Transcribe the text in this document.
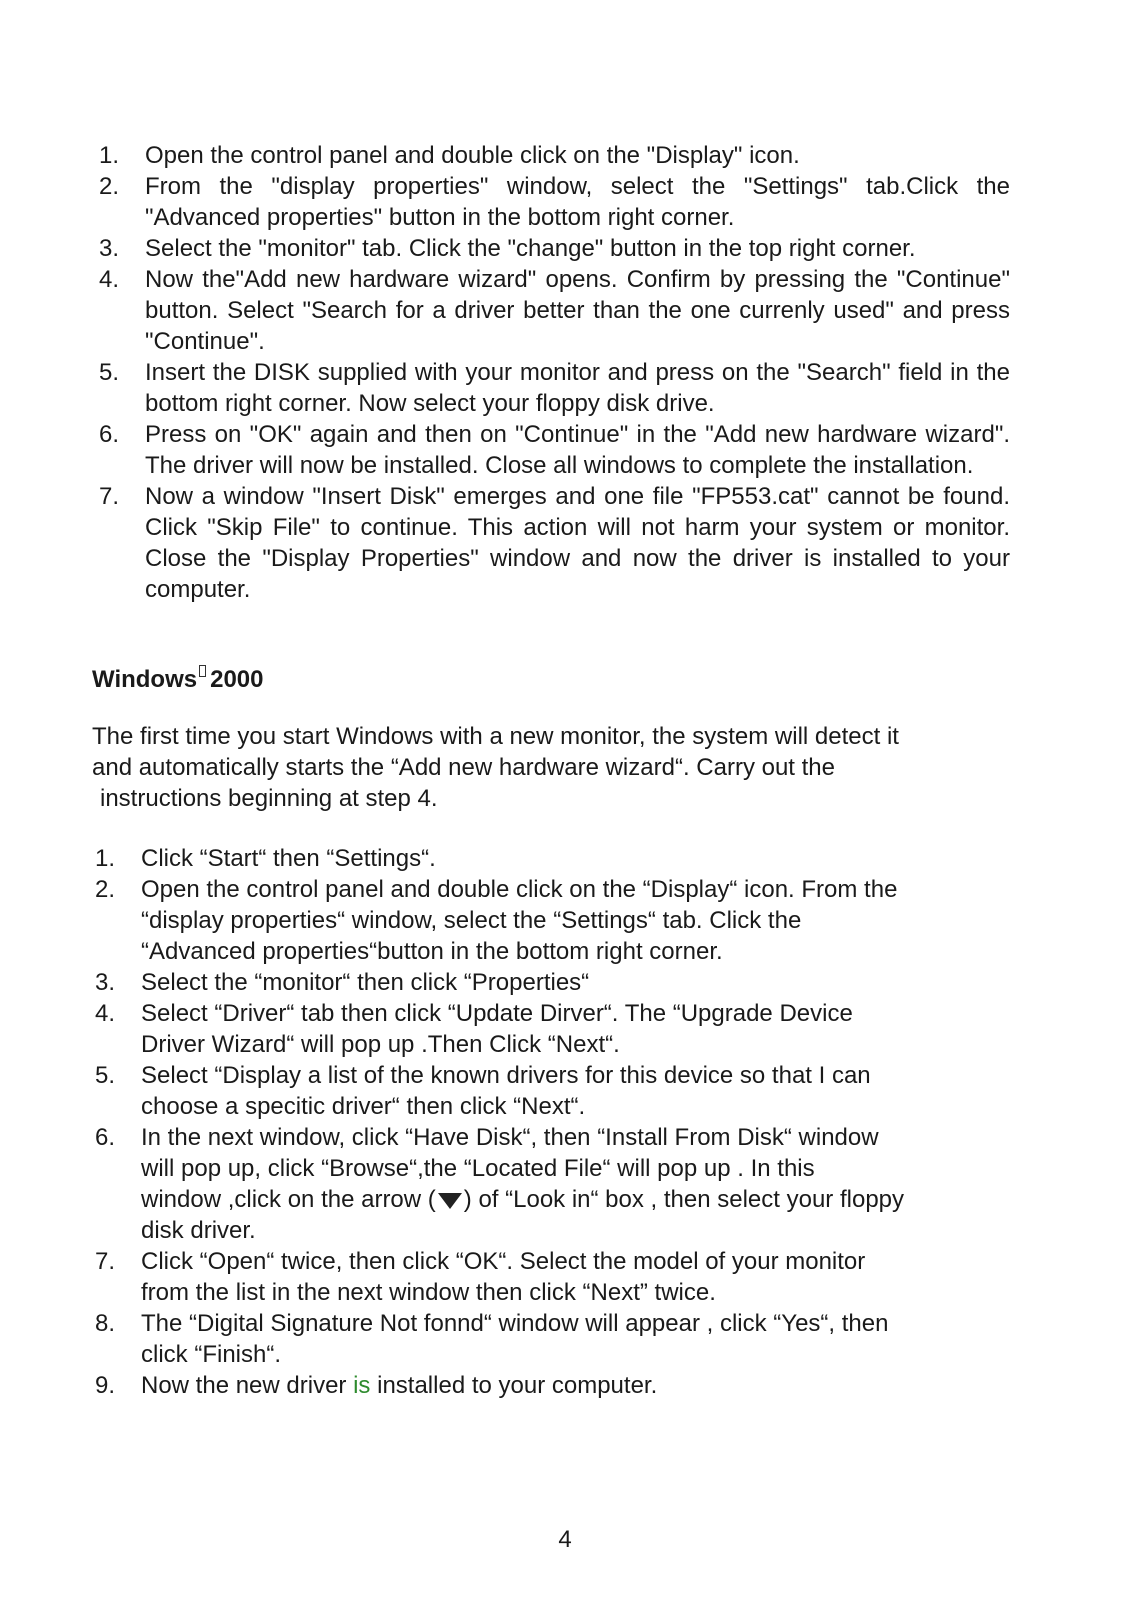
1.	Open the control panel and double click on the "Display" icon.
2.	From the "display properties" window, select the "Settings" tab.Click the "Advanced properties" button in the bottom right corner.
3.	Select the "monitor" tab. Click the "change" button in the top right corner.
4.	Now the"Add new hardware wizard" opens. Confirm by pressing the "Continue" button. Select "Search for a driver better than the one currenly used" and press "Continue".
5.	Insert the DISK supplied with your monitor and press on the "Search" field in the bottom right corner. Now select your floppy disk drive.
6.	Press on "OK" again and then on "Continue" in the "Add new hardware wizard". The driver will now be installed. Close all windows to complete the installation.
7.	Now a window "Insert Disk" emerges and one file "FP553.cat" cannot be found. Click "Skip File" to continue. This action will not harm your system or monitor. Close the "Display Properties" window and now the driver is installed to your computer.
Windows 2000
The first time you start Windows with a new monitor, the system will detect it
and automatically starts the “Add new hardware wizard“. Carry out the
instructions beginning at step 4.
1.	Click “Start“ then “Settings“.
2.	Open the control panel and double click on the “Display“ icon. From the
“display properties“ window, select the “Settings“ tab. Click the
“Advanced properties“button in the bottom right corner.
3.	Select the “monitor“ then click “Properties“
4.	Select “Driver“ tab then click “Update Dirver“. The “Upgrade Device
Driver Wizard“ will pop up .Then Click “Next“.
5.	Select “Display a list of the known drivers for this device so that I can
choose a specitic driver“ then click “Next“.
6.	In the next window, click “Have Disk“, then “Install From Disk“ window
will pop up, click “Browse“,the “Located File“ will pop up . In this
window ,click on the arrow ( ) of “Look in“ box , then select your floppy
disk driver.
7.	Click “Open“ twice, then click “OK“. Select the model of your monitor
from the list in the next window then click “Next” twice.
8.	The “Digital Signature Not fonnd“ window will appear , click “Yes“, then
click “Finish“.
9.	Now the new driver is installed to your computer.
4
